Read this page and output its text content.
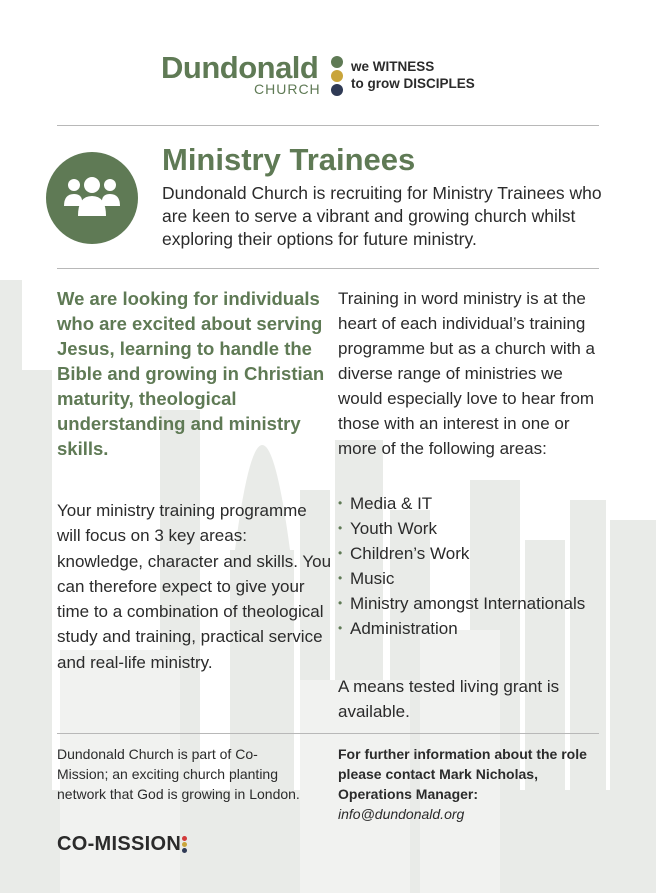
Dundonald
CHURCH
we WITNESS
to grow DISCIPLES
Ministry Trainees
Dundonald Church is recruiting for Ministry Trainees who are keen to serve a vibrant and growing church whilst exploring their options for future ministry.
We are looking for individuals who are excited about serving Jesus, learning to handle the Bible and growing in Christian maturity, theological understanding and ministry skills.
Your ministry training programme will focus on 3 key areas: knowledge, character and skills. You can therefore expect to give your time to a combination of theological study and training, practical service and real-life ministry.
Training in word ministry is at the heart of each individual’s training programme but as a church with a diverse range of ministries we would especially love to hear from those with an interest in one or more of the following areas:
• Media & IT
• Youth Work
• Children’s Work
• Music
• Ministry amongst Internationals
• Administration
A means tested living grant is available.
Dundonald Church is part of Co-Mission; an exciting church planting network that God is growing in London.
For further information about the role please contact Mark Nicholas, Operations Manager:
info@dundonald.org
CO-MISSION
